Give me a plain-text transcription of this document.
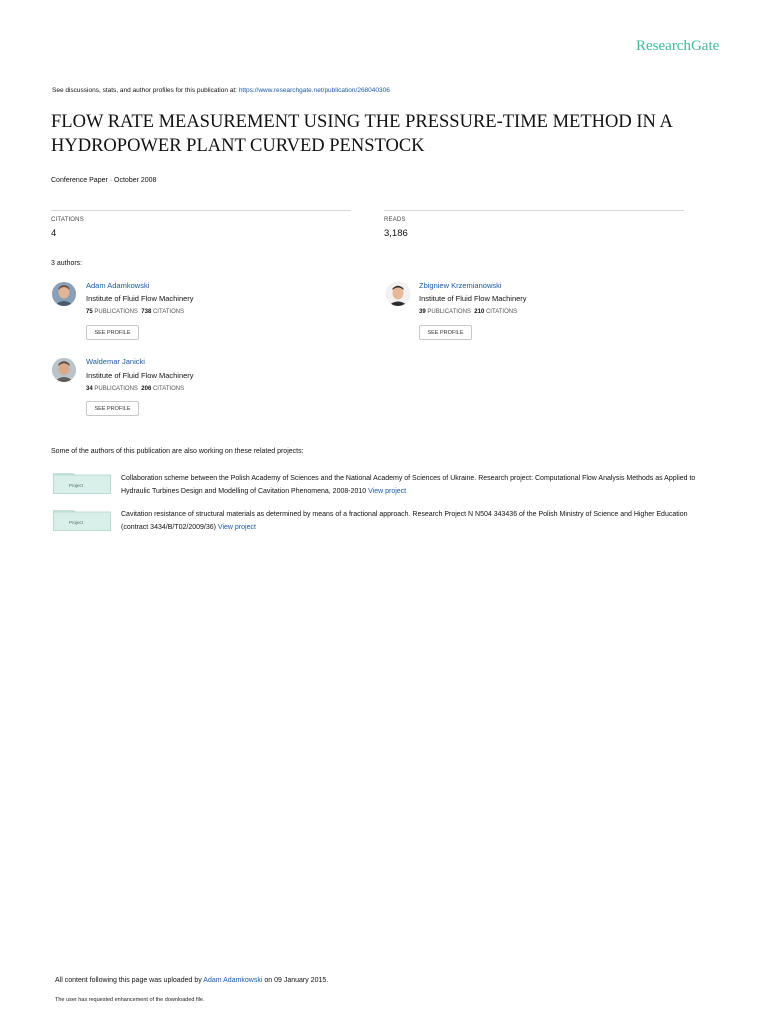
ResearchGate
See discussions, stats, and author profiles for this publication at: https://www.researchgate.net/publication/268040306
FLOW RATE MEASUREMENT USING THE PRESSURE-TIME METHOD IN A HYDROPOWER PLANT CURVED PENSTOCK
Conference Paper · October 2008
CITATIONS
4
READS
3,186
3 authors:
Adam Adamkowski
Institute of Fluid Flow Machinery
75 PUBLICATIONS 738 CITATIONS
SEE PROFILE
Zbigniew Krzemianowski
Institute of Fluid Flow Machinery
39 PUBLICATIONS 210 CITATIONS
SEE PROFILE
Waldemar Janicki
Institute of Fluid Flow Machinery
34 PUBLICATIONS 206 CITATIONS
SEE PROFILE
Some of the authors of this publication are also working on these related projects:
Project
Collaboration scheme between the Polish Academy of Sciences and the National Academy of Sciences of Ukraine. Research project: Computational Flow Analysis Methods as Applied to Hydraulic Turbines Design and Modelling of Cavitation Phenomena, 2008-2010 View project
Project
Cavitation resistance of structural materials as determined by means of a fractional approach. Research Project N N504 343436 of the Polish Ministry of Science and Higher Education (contract 3434/B/T02/2009/36) View project
All content following this page was uploaded by Adam Adamkowski on 09 January 2015.
The user has requested enhancement of the downloaded file.
